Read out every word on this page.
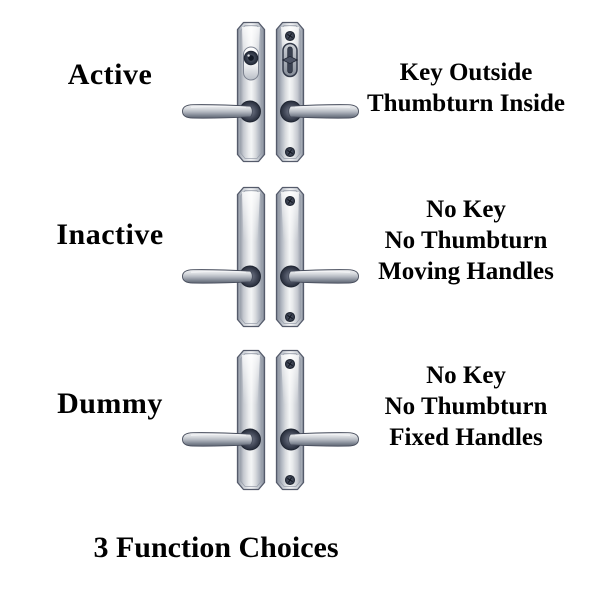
Active	Key Outside
Thumbturn Inside
Inactive
No Key
No Thumbturn
Moving Handles
Dummy
No Key
No Thumbturn
Fixed Handles
3 Function Choices
